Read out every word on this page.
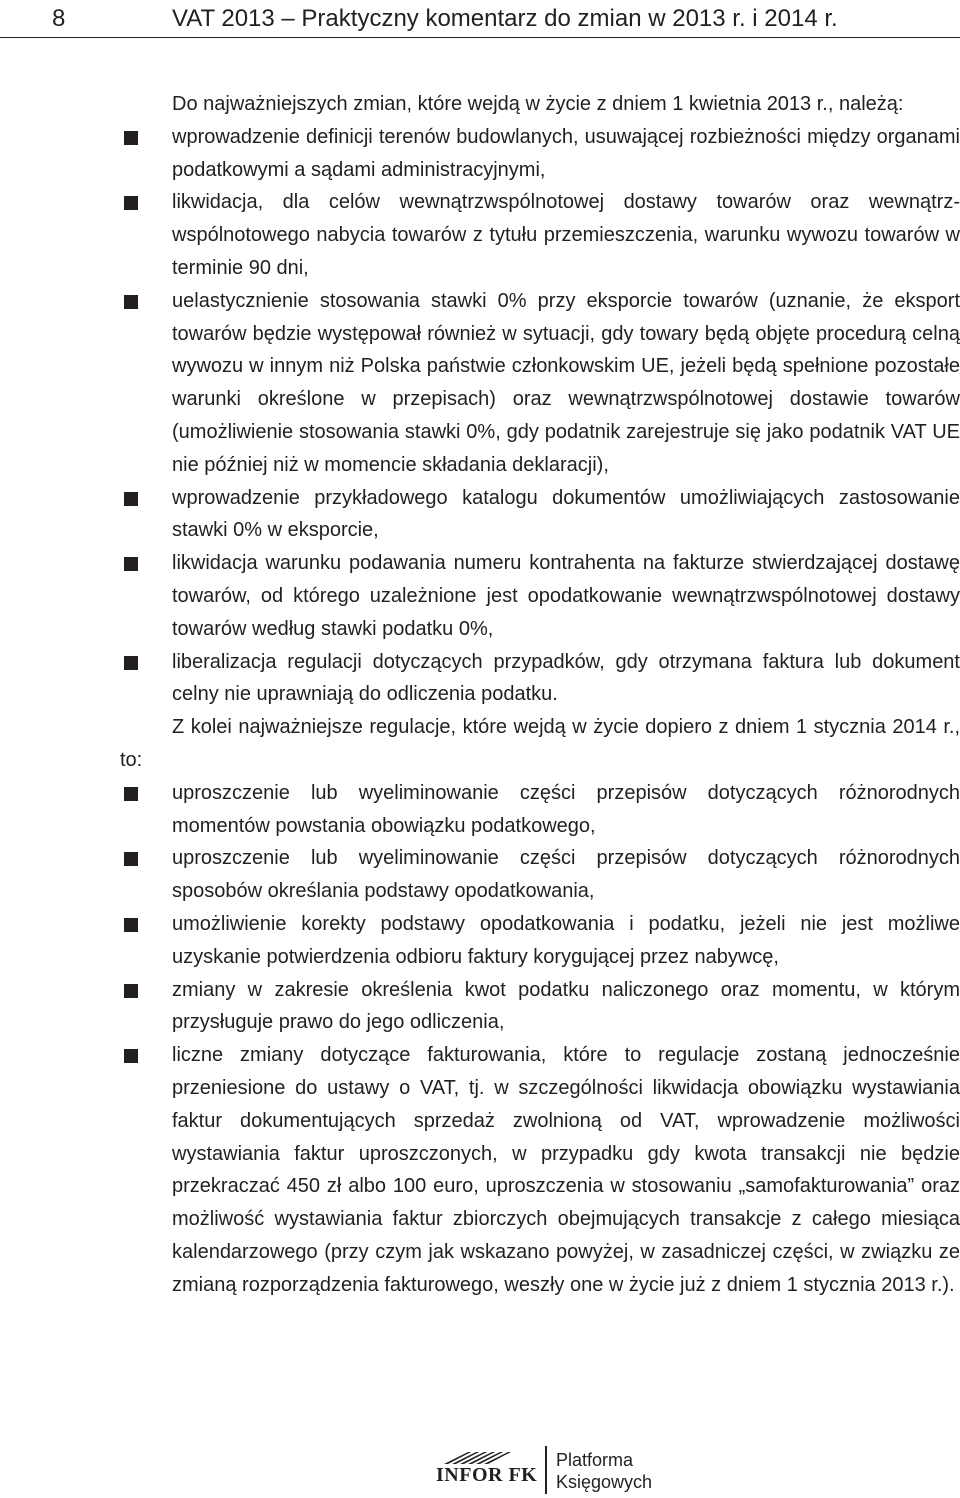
8	VAT 2013 – Praktyczny komentarz do zmian w 2013 r. i 2014 r.

Do najważniejszych zmian, które wejdą w życie z dniem 1 kwietnia 2013 r., należą:

wprowadzenie definicji terenów budowlanych, usuwającej rozbieżności między organami podatkowymi a sądami administracyjnymi,
likwidacja, dla celów wewnątrzwspólnotowej dostawy towarów oraz wewnątrzwspólnotowego nabycia towarów z tytułu przemieszczenia, warunku wywozu towarów w terminie 90 dni,
uelastycznienie stosowania stawki 0% przy eksporcie towarów (uznanie, że eksport towarów będzie występował również w sytuacji, gdy towary będą objęte procedurą celną wywozu w innym niż Polska państwie członkowskim UE, jeżeli będą spełnione pozostałe warunki określone w przepisach) oraz wewnątrzwspólnotowej dostawie towarów (umożliwienie stosowania stawki 0%, gdy podatnik zarejestruje się jako podatnik VAT UE nie później niż w momencie składania deklaracji),
wprowadzenie przykładowego katalogu dokumentów umożliwiających zastosowanie stawki 0% w eksporcie,
likwidacja warunku podawania numeru kontrahenta na fakturze stwierdzającej dostawę towarów, od którego uzależnione jest opodatkowanie wewnątrzwspólnotowej dostawy towarów według stawki podatku 0%,
liberalizacja regulacji dotyczących przypadków, gdy otrzymana faktura lub dokument celny nie uprawniają do odliczenia podatku.

Z kolei najważniejsze regulacje, które wejdą w życie dopiero z dniem 1 stycznia 2014 r., to:

uproszczenie lub wyeliminowanie części przepisów dotyczących różnorodnych momentów powstania obowiązku podatkowego,
uproszczenie lub wyeliminowanie części przepisów dotyczących różnorodnych sposobów określania podstawy opodatkowania,
umożliwienie korekty podstawy opodatkowania i podatku, jeżeli nie jest możliwe uzyskanie potwierdzenia odbioru faktury korygującej przez nabywcę,
zmiany w zakresie określenia kwot podatku naliczonego oraz momentu, w którym przysługuje prawo do jego odliczenia,
liczne zmiany dotyczące fakturowania, które to regulacje zostaną jednocześnie przeniesione do ustawy o VAT, tj. w szczególności likwidacja obowiązku wystawiania faktur dokumentujących sprzedaż zwolnioną od VAT, wprowadzenie możliwości wystawiania faktur uproszczonych, w przypadku gdy kwota transakcji nie będzie przekraczać 450 zł albo 100 euro, uproszczenia w stosowaniu „samofakturowania” oraz możliwość wystawiania faktur zbiorczych obejmujących transakcje z całego miesiąca kalendarzowego (przy czym jak wskazano powyżej, w zasadniczej części, w związku ze zmianą rozporządzenia fakturowego, weszły one w życie już z dniem 1 stycznia 2013 r.).
INFOR FK
Platforma
Księgowych
